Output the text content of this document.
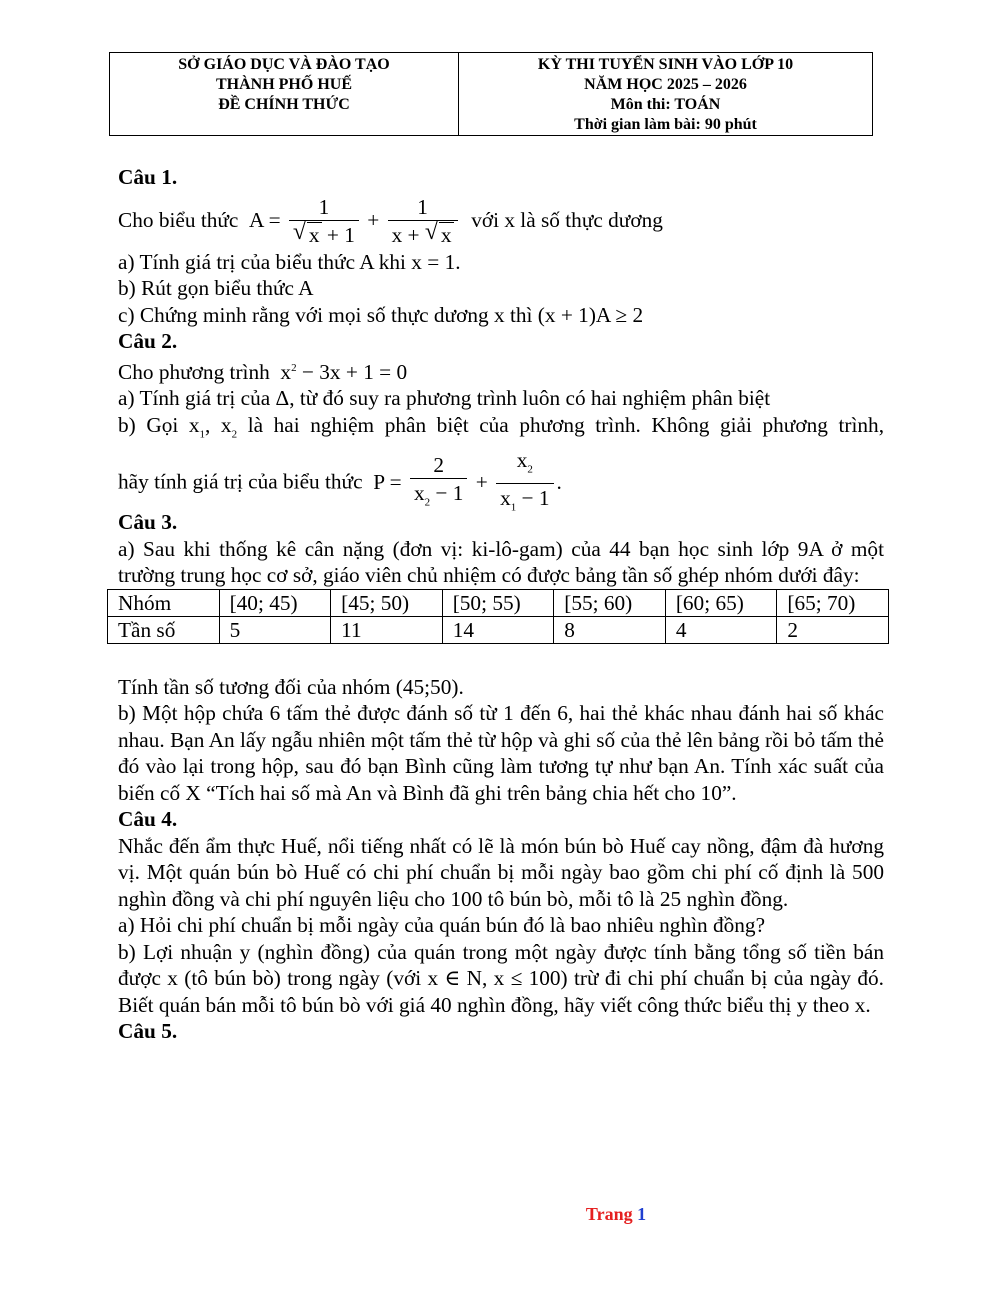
SỞ GIÁO DỤC VÀ ĐÀO TẠO
THÀNH PHỐ HUẾ
ĐỀ CHÍNH THỨC

KỲ THI TUYỂN SINH VÀO LỚP 10
NĂM HỌC 2025 – 2026
Môn thi: TOÁN
Thời gian làm bài: 90 phút
Câu 1.
Cho biểu thức  $A = \frac{1}{√ x + 1} + \frac{1}{x + √ x}$ với x là số thực dương
a) Tính giá trị của biểu thức A khi x = 1.
b) Rút gọn biểu thức A
c) Chứng minh rằng với mọi số thực dương x thì (x + 1)A ≥ 2
Câu 2.
Cho phương trình  $x^2 - 3x + 1 = 0$
a) Tính giá trị của Δ, từ đó suy ra phương trình luôn có hai nghiệm phân biệt
b) Gọi $x_1$, $x_2$ là hai nghiệm phân biệt của phương trình. Không giải phương trình,
hãy tính giá trị của biểu thức  $P = \frac{2}{x_2 - 1} + \frac{x_2}{x_1 - 1}$ .
Câu 3.
a) Sau khi thống kê cân nặng (đơn vị: ki-lô-gam) của 44 bạn học sinh lớp 9A ở một trường trung học cơ sở, giáo viên chủ nhiệm có được bảng tần số ghép nhóm dưới đây:
Nhóm	[40; 45)	[45; 50)	[50; 55)	[55; 60)	[60; 65)	[65; 70)
Tần số	5	11	14	8	4	2
Tính tần số tương đối của nhóm (45;50).
b) Một hộp chứa 6 tấm thẻ được đánh số từ 1 đến 6, hai thẻ khác nhau đánh hai số khác nhau. Bạn An lấy ngẫu nhiên một tấm thẻ từ hộp và ghi số của thẻ lên bảng rồi bỏ tấm thẻ đó vào lại trong hộp, sau đó bạn Bình cũng làm tương tự như bạn An. Tính xác suất của biến cố X “Tích hai số mà An và Bình đã ghi trên bảng chia hết cho 10”.
Câu 4.
Nhắc đến ẩm thực Huế, nổi tiếng nhất có lẽ là món bún bò Huế cay nồng, đậm đà hương vị. Một quán bún bò Huế có chi phí chuẩn bị mỗi ngày bao gồm chi phí cố định là 500 nghìn đồng và chi phí nguyên liệu cho 100 tô bún bò, mỗi tô là 25 nghìn đồng.
a) Hỏi chi phí chuẩn bị mỗi ngày của quán bún đó là bao nhiêu nghìn đồng?
b) Lợi nhuận y (nghìn đồng) của quán trong một ngày được tính bằng tổng số tiền bán được x (tô bún bò) trong ngày (với x ∈ N, x ≤ 100) trừ đi chi phí chuẩn bị của ngày đó. Biết quán bán mỗi tô bún bò với giá 40 nghìn đồng, hãy viết công thức biểu thị y theo x.
Câu 5.
Trang 1
